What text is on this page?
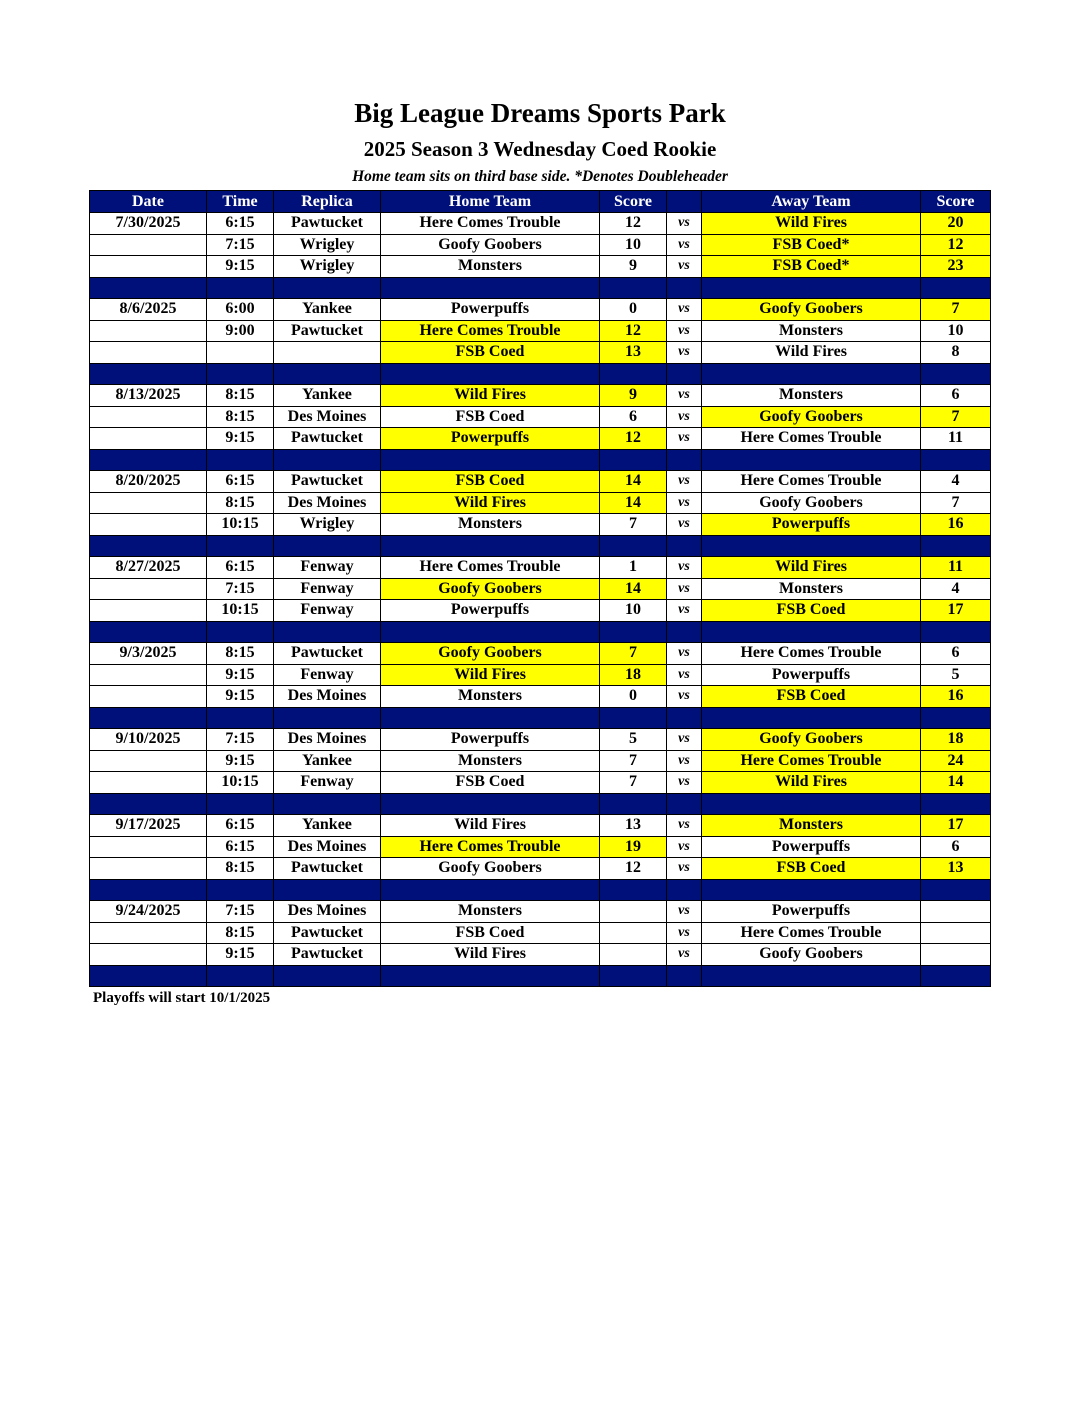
Big League Dreams Sports Park
2025 Season 3 Wednesday Coed Rookie
Home team sits on third base side. *Denotes Doubleheader
Date	Time	Replica	Home Team	Score		Away Team	Score
7/30/2025	6:15	Pawtucket	Here Comes Trouble	12	vs	Wild Fires	20
	7:15	Wrigley	Goofy Goobers	10	vs	FSB Coed*	12
	9:15	Wrigley	Monsters	9	vs	FSB Coed*	23

8/6/2025	6:00	Yankee	Powerpuffs	0	vs	Goofy Goobers	7
	9:00	Pawtucket	Here Comes Trouble	12	vs	Monsters	10
			FSB Coed	13	vs	Wild Fires	8

8/13/2025	8:15	Yankee	Wild Fires	9	vs	Monsters	6
	8:15	Des Moines	FSB Coed	6	vs	Goofy Goobers	7
	9:15	Pawtucket	Powerpuffs	12	vs	Here Comes Trouble	11

8/20/2025	6:15	Pawtucket	FSB Coed	14	vs	Here Comes Trouble	4
	8:15	Des Moines	Wild Fires	14	vs	Goofy Goobers	7
	10:15	Wrigley	Monsters	7	vs	Powerpuffs	16

8/27/2025	6:15	Fenway	Here Comes Trouble	1	vs	Wild Fires	11
	7:15	Fenway	Goofy Goobers	14	vs	Monsters	4
	10:15	Fenway	Powerpuffs	10	vs	FSB Coed	17

9/3/2025	8:15	Pawtucket	Goofy Goobers	7	vs	Here Comes Trouble	6
	9:15	Fenway	Wild Fires	18	vs	Powerpuffs	5
	9:15	Des Moines	Monsters	0	vs	FSB Coed	16

9/10/2025	7:15	Des Moines	Powerpuffs	5	vs	Goofy Goobers	18
	9:15	Yankee	Monsters	7	vs	Here Comes Trouble	24
	10:15	Fenway	FSB Coed	7	vs	Wild Fires	14

9/17/2025	6:15	Yankee	Wild Fires	13	vs	Monsters	17
	6:15	Des Moines	Here Comes Trouble	19	vs	Powerpuffs	6
	8:15	Pawtucket	Goofy Goobers	12	vs	FSB Coed	13

9/24/2025	7:15	Des Moines	Monsters		vs	Powerpuffs	
	8:15	Pawtucket	FSB Coed		vs	Here Comes Trouble	
	9:15	Pawtucket	Wild Fires		vs	Goofy Goobers	

Playoffs will start 10/1/2025
